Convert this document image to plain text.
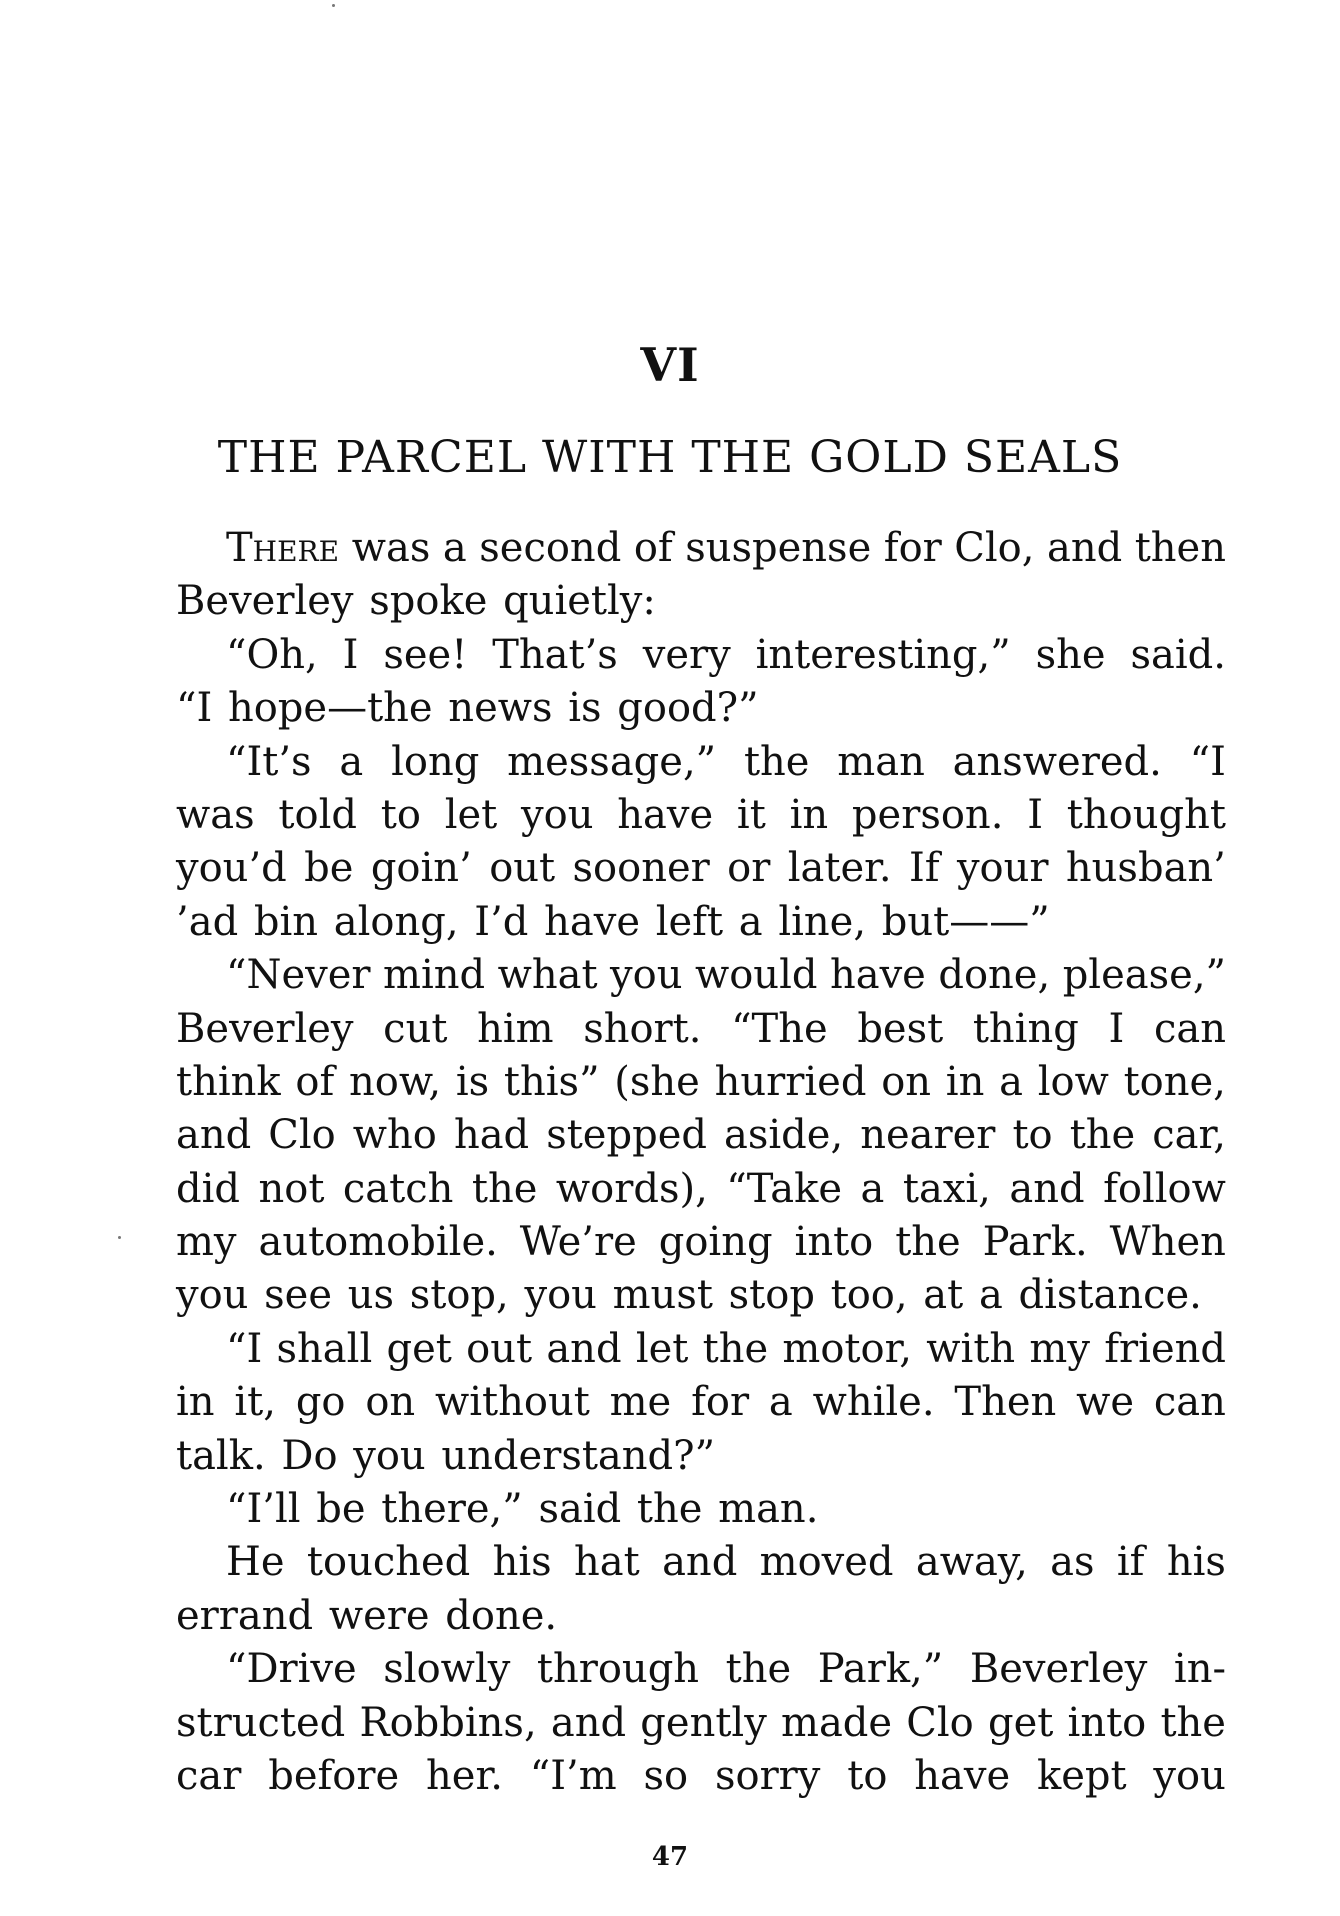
VI
THE PARCEL WITH THE GOLD SEALS
There was a second of suspense for Clo, and then
Beverley spoke quietly:
“Oh, I see! That’s very interesting,” she said.
“I hope—the news is good?”
“It’s a long message,” the man answered. “I
was told to let you have it in person. I thought
you’d be goin’ out sooner or later. If your husban’
’ad bin along, I’d have left a line, but——”
“Never mind what you would have done, please,”
Beverley cut him short. “The best thing I can
think of now, is this” (she hurried on in a low tone,
and Clo who had stepped aside, nearer to the car,
did not catch the words), “Take a taxi, and follow
my automobile. We’re going into the Park. When
you see us stop, you must stop too, at a distance.
“I shall get out and let the motor, with my friend
in it, go on without me for a while. Then we can
talk. Do you understand?”
“I’ll be there,” said the man.
He touched his hat and moved away, as if his
errand were done.
“Drive slowly through the Park,” Beverley in-
structed Robbins, and gently made Clo get into the
car before her. “I’m so sorry to have kept you
47
